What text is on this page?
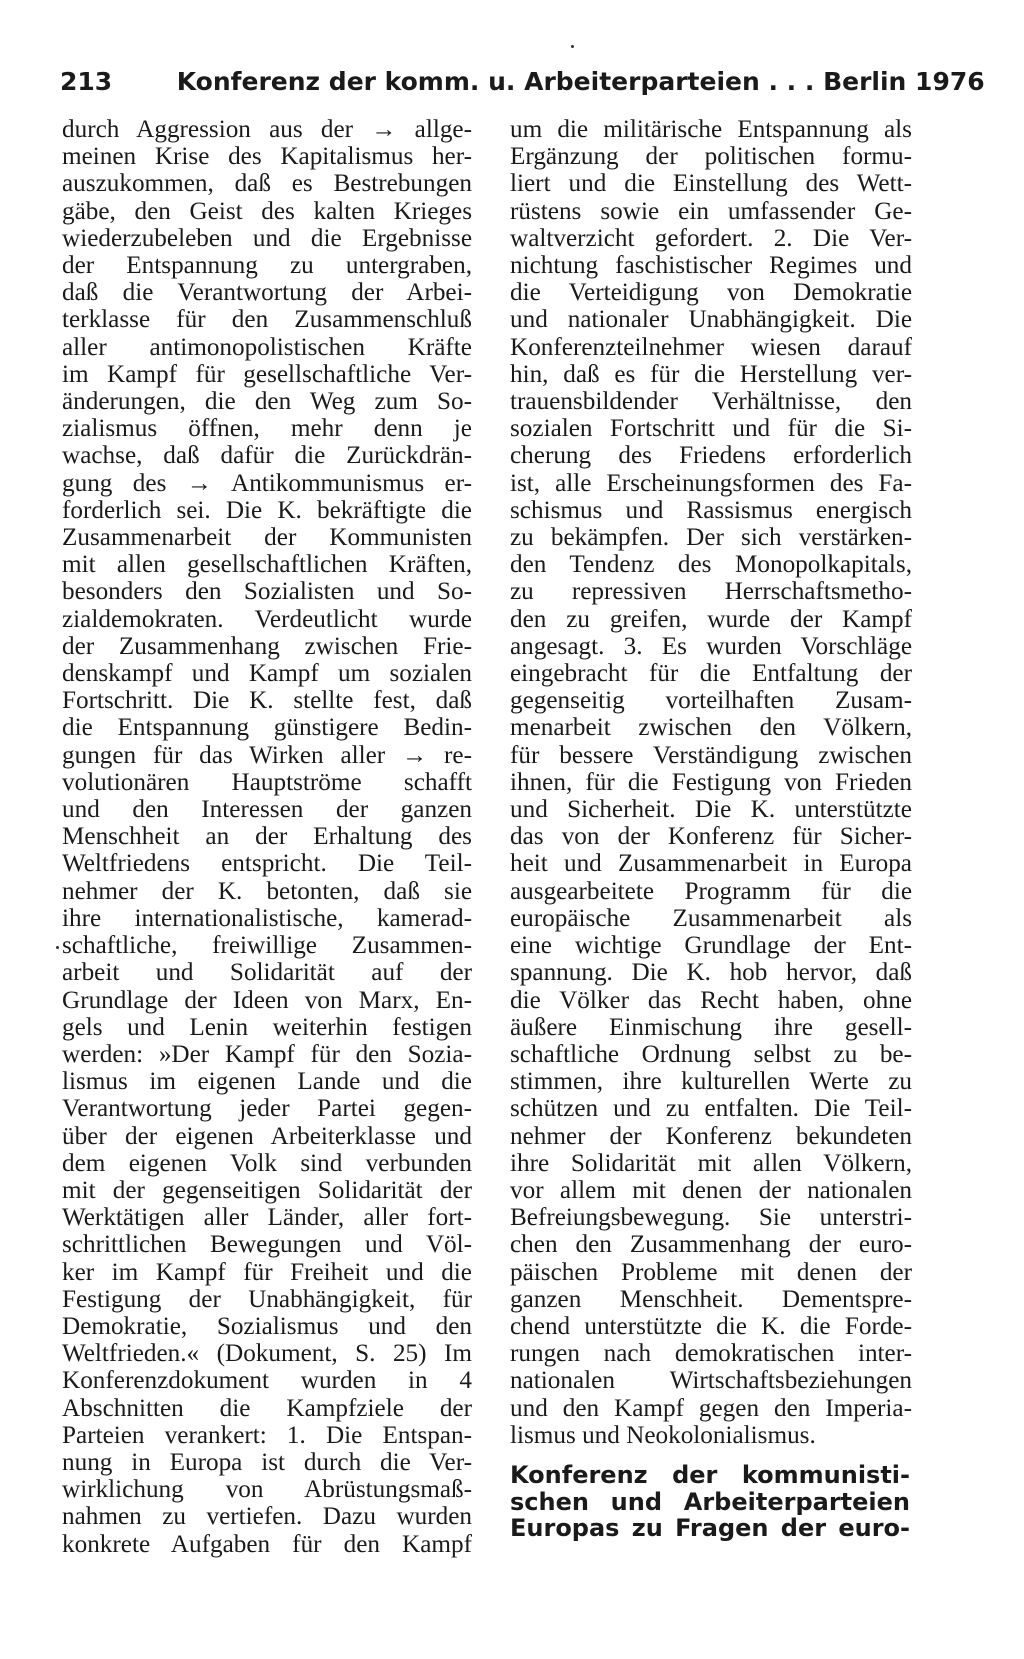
213	Konferenz der komm. u. Arbeiterparteien . . . Berlin 1976

durch Aggression aus der → allge-
meinen Krise des Kapitalismus her-
auszukommen, daß es Bestrebungen
gäbe, den Geist des kalten Krieges
wiederzubeleben und die Ergebnisse
der Entspannung zu untergraben,
daß die Verantwortung der Arbei-
terklasse für den Zusammenschluß
aller antimonopolistischen Kräfte
im Kampf für gesellschaftliche Ver-
änderungen, die den Weg zum So-
zialismus öffnen, mehr denn je
wachse, daß dafür die Zurückdrän-
gung des → Antikommunismus er-
forderlich sei. Die K. bekräftigte die
Zusammenarbeit der Kommunisten
mit allen gesellschaftlichen Kräften,
besonders den Sozialisten und So-
zialdemokraten. Verdeutlicht wurde
der Zusammenhang zwischen Frie-
denskampf und Kampf um sozialen
Fortschritt. Die K. stellte fest, daß
die Entspannung günstigere Bedin-
gungen für das Wirken aller → re-
volutionären Hauptströme schafft
und den Interessen der ganzen
Menschheit an der Erhaltung des
Weltfriedens entspricht. Die Teil-
nehmer der K. betonten, daß sie
ihre internationalistische, kamerad-
schaftliche, freiwillige Zusammen-
arbeit und Solidarität auf der
Grundlage der Ideen von Marx, En-
gels und Lenin weiterhin festigen
werden: »Der Kampf für den Sozia-
lismus im eigenen Lande und die
Verantwortung jeder Partei gegen-
über der eigenen Arbeiterklasse und
dem eigenen Volk sind verbunden
mit der gegenseitigen Solidarität der
Werktätigen aller Länder, aller fort-
schrittlichen Bewegungen und Völ-
ker im Kampf für Freiheit und die
Festigung der Unabhängigkeit, für
Demokratie, Sozialismus und den
Weltfrieden.« (Dokument, S. 25) Im
Konferenzdokument wurden in 4
Abschnitten die Kampfziele der
Parteien verankert: 1. Die Entspan-
nung in Europa ist durch die Ver-
wirklichung von Abrüstungsmaß-
nahmen zu vertiefen. Dazu wurden
konkrete Aufgaben für den Kampf

um die militärische Entspannung als
Ergänzung der politischen formu-
liert und die Einstellung des Wett-
rüstens sowie ein umfassender Ge-
waltverzicht gefordert. 2. Die Ver-
nichtung faschistischer Regimes und
die Verteidigung von Demokratie
und nationaler Unabhängigkeit. Die
Konferenzteilnehmer wiesen darauf
hin, daß es für die Herstellung ver-
trauensbildender Verhältnisse, den
sozialen Fortschritt und für die Si-
cherung des Friedens erforderlich
ist, alle Erscheinungsformen des Fa-
schismus und Rassismus energisch
zu bekämpfen. Der sich verstärken-
den Tendenz des Monopolkapitals,
zu repressiven Herrschaftsmetho-
den zu greifen, wurde der Kampf
angesagt. 3. Es wurden Vorschläge
eingebracht für die Entfaltung der
gegenseitig vorteilhaften Zusam-
menarbeit zwischen den Völkern,
für bessere Verständigung zwischen
ihnen, für die Festigung von Frieden
und Sicherheit. Die K. unterstützte
das von der Konferenz für Sicher-
heit und Zusammenarbeit in Europa
ausgearbeitete Programm für die
europäische Zusammenarbeit als
eine wichtige Grundlage der Ent-
spannung. Die K. hob hervor, daß
die Völker das Recht haben, ohne
äußere Einmischung ihre gesell-
schaftliche Ordnung selbst zu be-
stimmen, ihre kulturellen Werte zu
schützen und zu entfalten. Die Teil-
nehmer der Konferenz bekundeten
ihre Solidarität mit allen Völkern,
vor allem mit denen der nationalen
Befreiungsbewegung. Sie unterstri-
chen den Zusammenhang der euro-
päischen Probleme mit denen der
ganzen Menschheit. Dementspre-
chend unterstützte die K. die Forde-
rungen nach demokratischen inter-
nationalen Wirtschaftsbeziehungen
und den Kampf gegen den Imperia-
lismus und Neokolonialismus.

Konferenz der kommunisti-
schen und Arbeiterparteien
Europas zu Fragen der euro-
